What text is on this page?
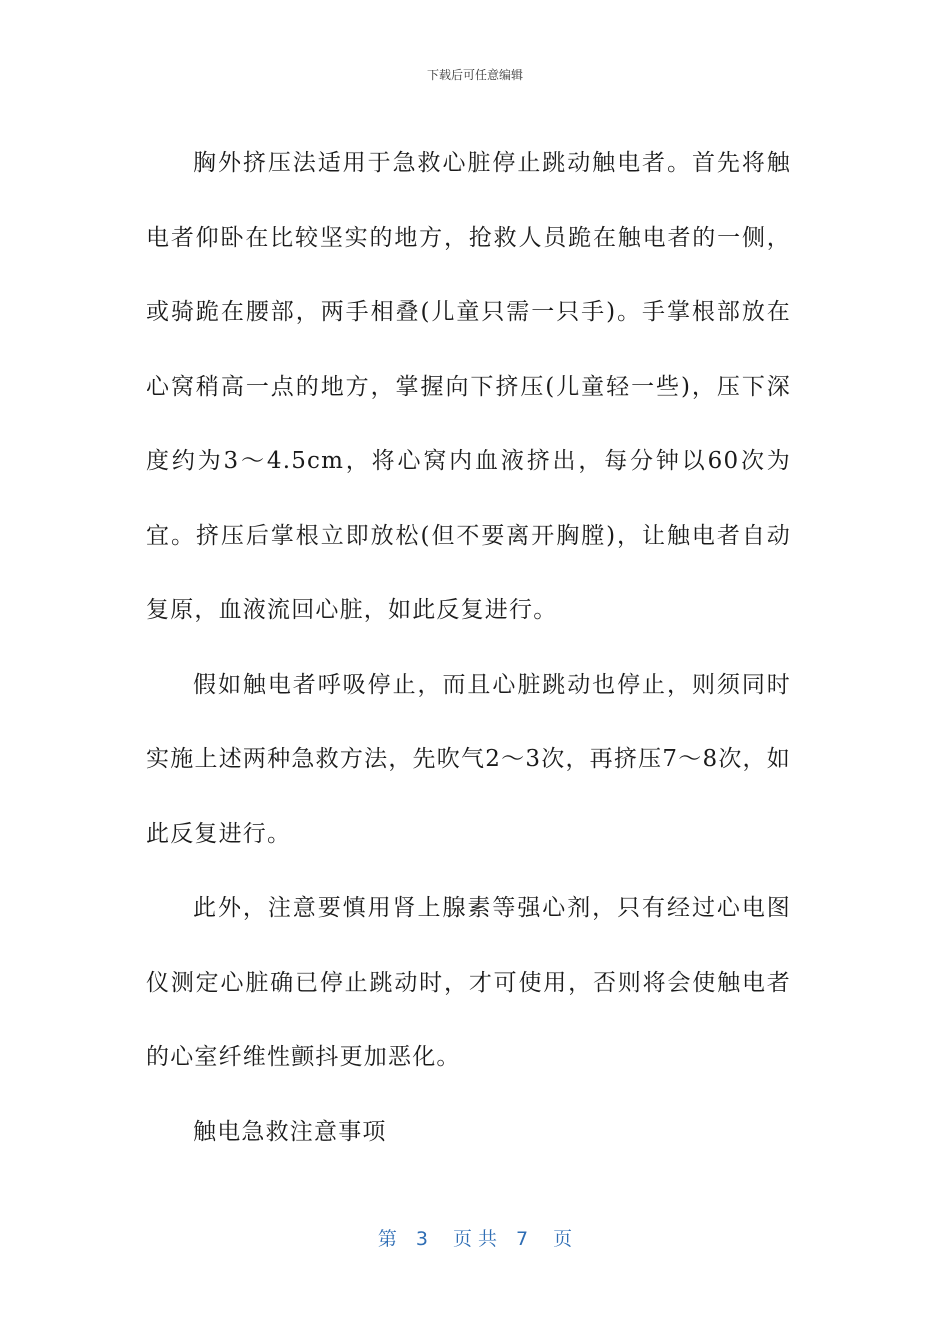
下载后可任意编辑

胸外挤压法适用于急救心脏停止跳动触电者。首先将触电者仰卧在比较坚实的地方，抢救人员跪在触电者的一侧，或骑跪在腰部，两手相叠(儿童只需一只手)。手掌根部放在心窝稍高一点的地方，掌握向下挤压(儿童轻一些)，压下深度约为3～4.5cm，将心窝内血液挤出，每分钟以60次为宜。挤压后掌根立即放松(但不要离开胸膛)，让触电者自动复原，血液流回心脏，如此反复进行。

假如触电者呼吸停止，而且心脏跳动也停止，则须同时实施上述两种急救方法，先吹气2～3次，再挤压7～8次，如此反复进行。

此外，注意要慎用肾上腺素等强心剂，只有经过心电图仪测定心脏确已停止跳动时，才可使用，否则将会使触电者的心室纤维性颤抖更加恶化。

触电急救注意事项

第　3　 页 共　7　 页
